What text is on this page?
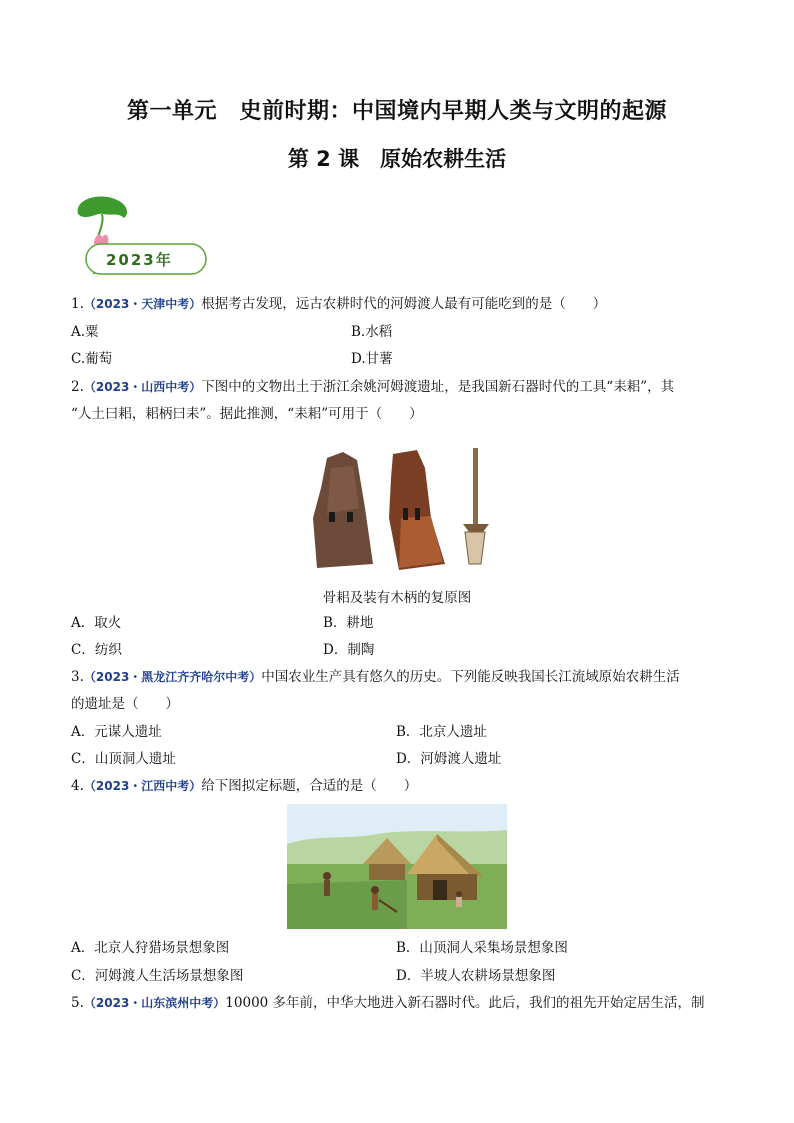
第一单元　史前时期：中国境内早期人类与文明的起源
第 2 课　原始农耕生活
2023年
1.（2023・天津中考）根据考古发现，远古农耕时代的河姆渡人最有可能吃到的是（　　）
A.粟	B.水稻
C.葡萄	D.甘薯
2.（2023・山西中考）下图中的文物出土于浙江余姚河姆渡遗址，是我国新石器时代的工具“耒耜”，其
“人土曰耜，耜柄曰耒”。据此推测，“耒耜”可用于（　　）
骨耜及装有木柄的复原图
A．取火	B．耕地
C．纺织	D．制陶
3.（2023・黑龙江齐齐哈尔中考）中国农业生产具有悠久的历史。下列能反映我国长江流域原始农耕生活
的遗址是（　　）
A．元谋人遗址	B．北京人遗址
C．山顶洞人遗址	D．河姆渡人遗址
4.（2023・江西中考）给下图拟定标题，合适的是（　　）
A．北京人狩猎场景想象图	B．山顶洞人采集场景想象图
C．河姆渡人生活场景想象图	D．半坡人农耕场景想象图
5.（2023・山东滨州中考）10000 多年前，中华大地进入新石器时代。此后，我们的祖先开始定居生活，制
